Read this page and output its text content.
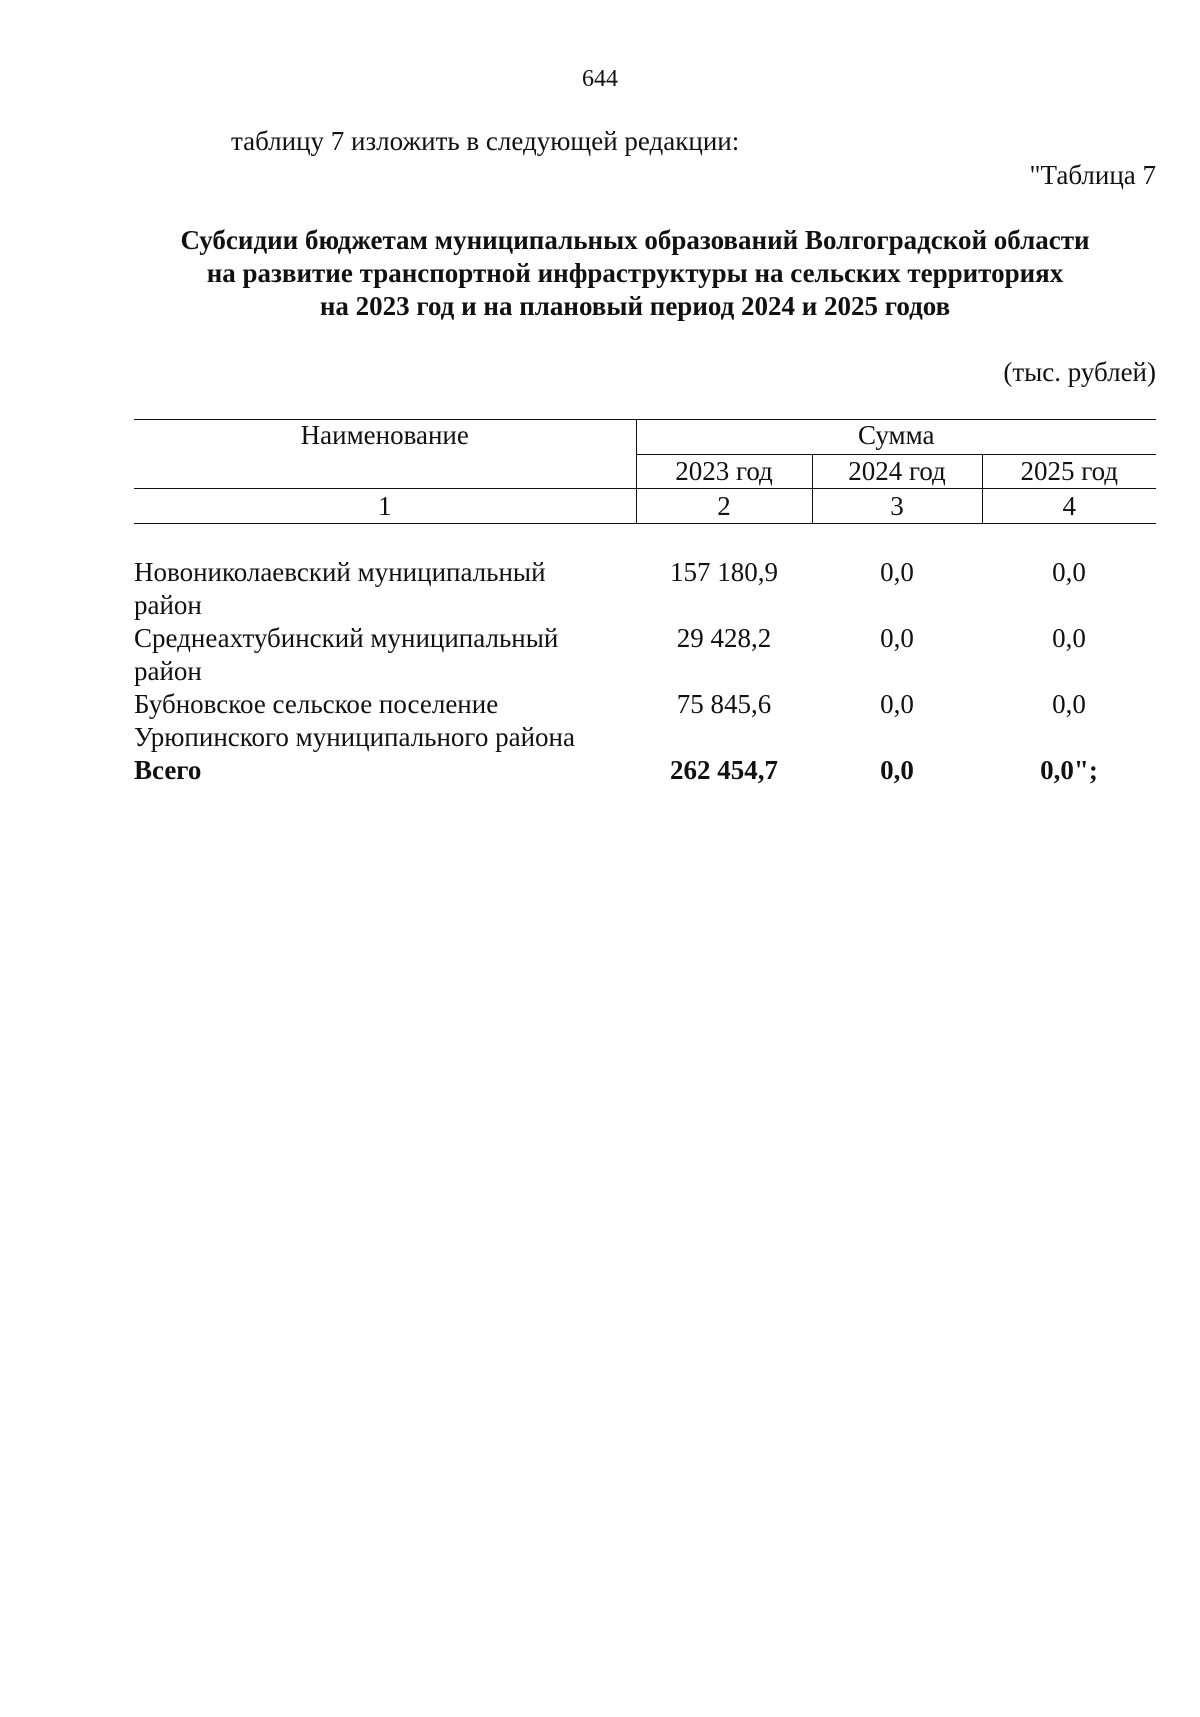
644
таблицу 7 изложить в следующей редакции:
"Таблица 7
Субсидии бюджетам муниципальных образований Волгоградской области
на развитие транспортной инфраструктуры на сельских территориях
на 2023 год и на плановый период 2024 и 2025 годов
(тыс. рублей)
Наименование	Сумма		
	2023 год	2024 год	2025 год
1	2	3	4

Новониколаевский муниципальный
район	157 180,9	0,0	0,0

Среднеахтубинский муниципальный
район	29 428,2	0,0	0,0

Бубновское сельское поселение
Урюпинского муниципального района	75 845,6	0,0	0,0
Всего	262 454,7	0,0	0,0";
